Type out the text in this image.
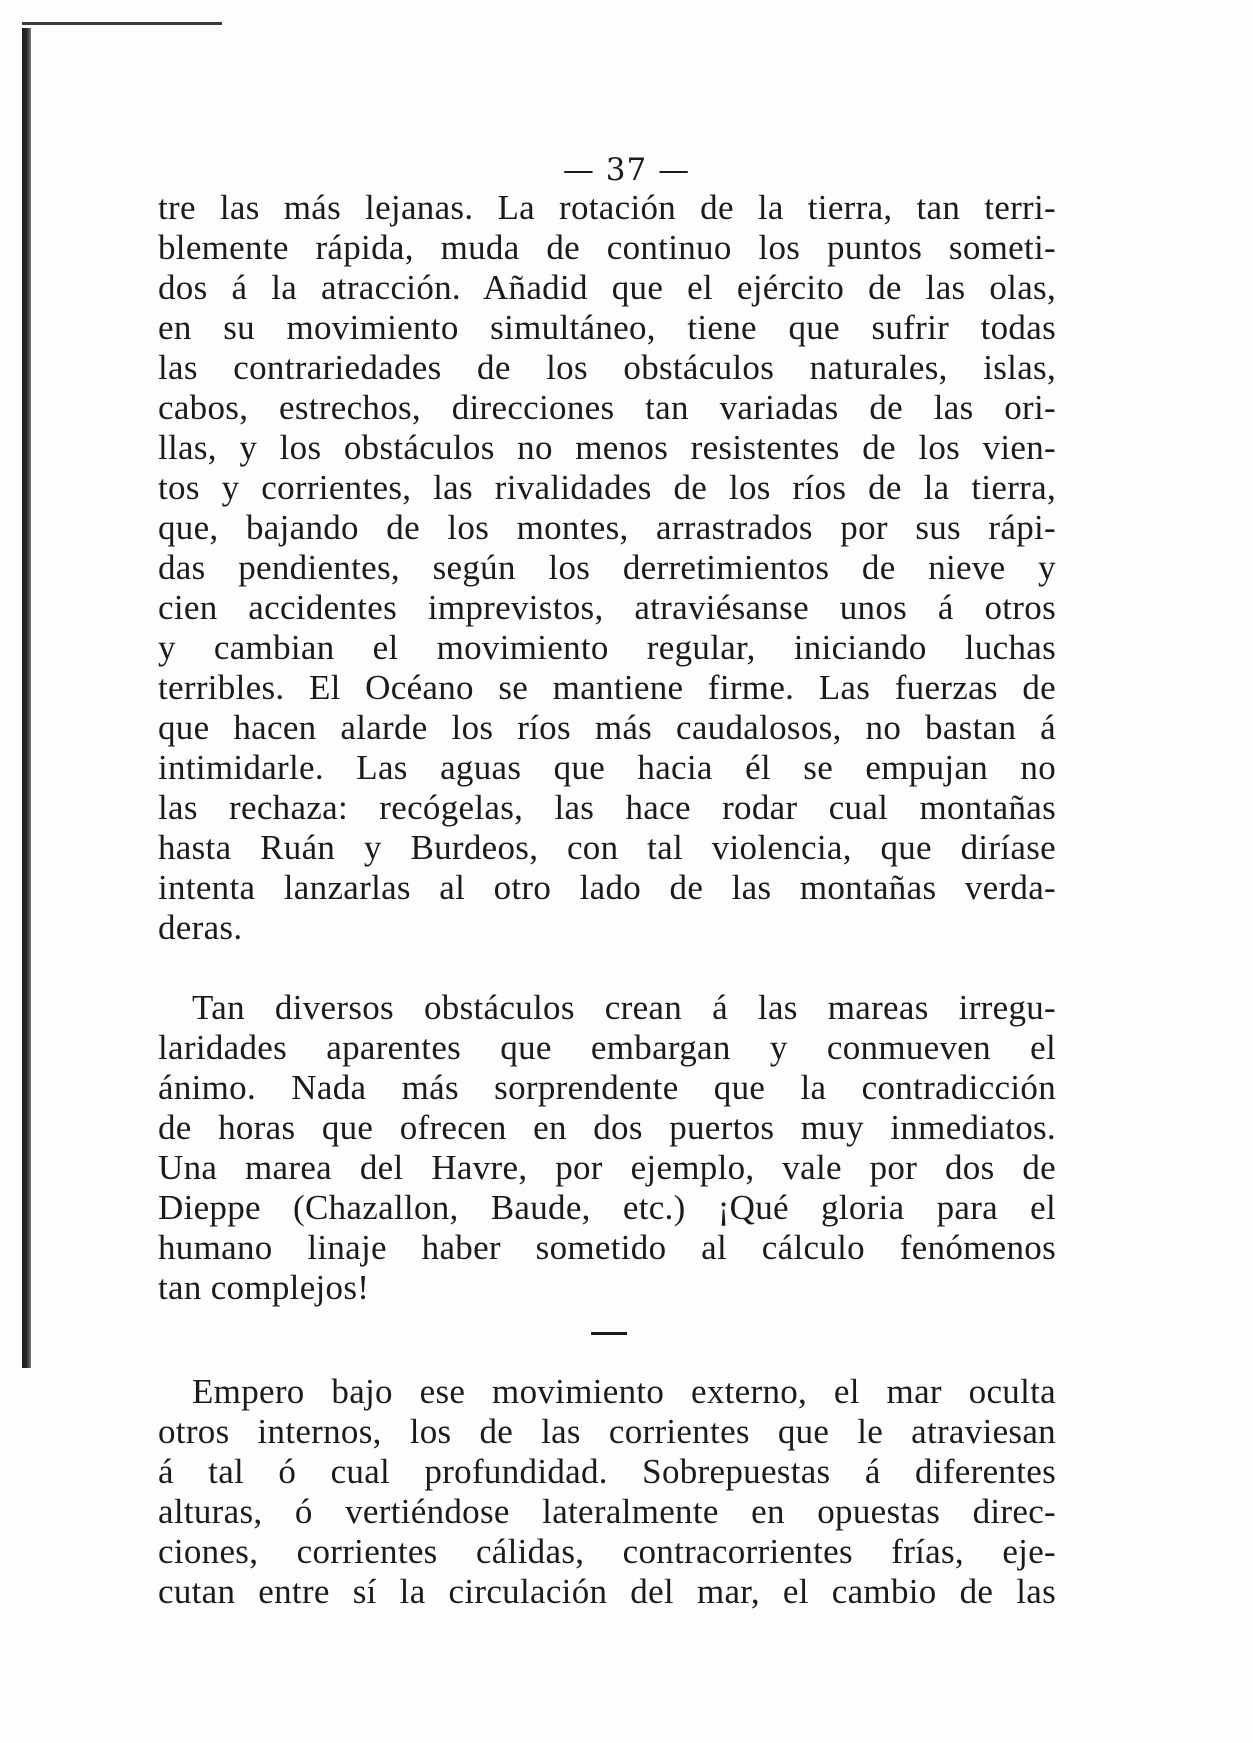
— 37 —
tre las más lejanas. La rotación de la tierra, tan terri-
blemente rápida, muda de continuo los puntos someti-
dos á la atracción. Añadid que el ejército de las olas,
en su movimiento simultáneo, tiene que sufrir todas
las contrariedades de los obstáculos naturales, islas,
cabos, estrechos, direcciones tan variadas de las ori-
llas, y los obstáculos no menos resistentes de los vien-
tos y corrientes, las rivalidades de los ríos de la tierra,
que, bajando de los montes, arrastrados por sus rápi-
das pendientes, según los derretimientos de nieve y
cien accidentes imprevistos, atraviésanse unos á otros
y cambian el movimiento regular, iniciando luchas
terribles. El Océano se mantiene firme. Las fuerzas de
que hacen alarde los ríos más caudalosos, no bastan á
intimidarle. Las aguas que hacia él se empujan no
las rechaza: recógelas, las hace rodar cual montañas
hasta Ruán y Burdeos, con tal violencia, que diríase
intenta lanzarlas al otro lado de las montañas verda-
deras.
Tan diversos obstáculos crean á las mareas irregu-
laridades aparentes que embargan y conmueven el
ánimo. Nada más sorprendente que la contradicción
de horas que ofrecen en dos puertos muy inmediatos.
Una marea del Havre, por ejemplo, vale por dos de
Dieppe (Chazallon, Baude, etc.) ¡Qué gloria para el
humano linaje haber sometido al cálculo fenómenos
tan complejos!
Empero bajo ese movimiento externo, el mar oculta
otros internos, los de las corrientes que le atraviesan
á tal ó cual profundidad. Sobrepuestas á diferentes
alturas, ó vertiéndose lateralmente en opuestas direc-
ciones, corrientes cálidas, contracorrientes frías, eje-
cutan entre sí la circulación del mar, el cambio de las
